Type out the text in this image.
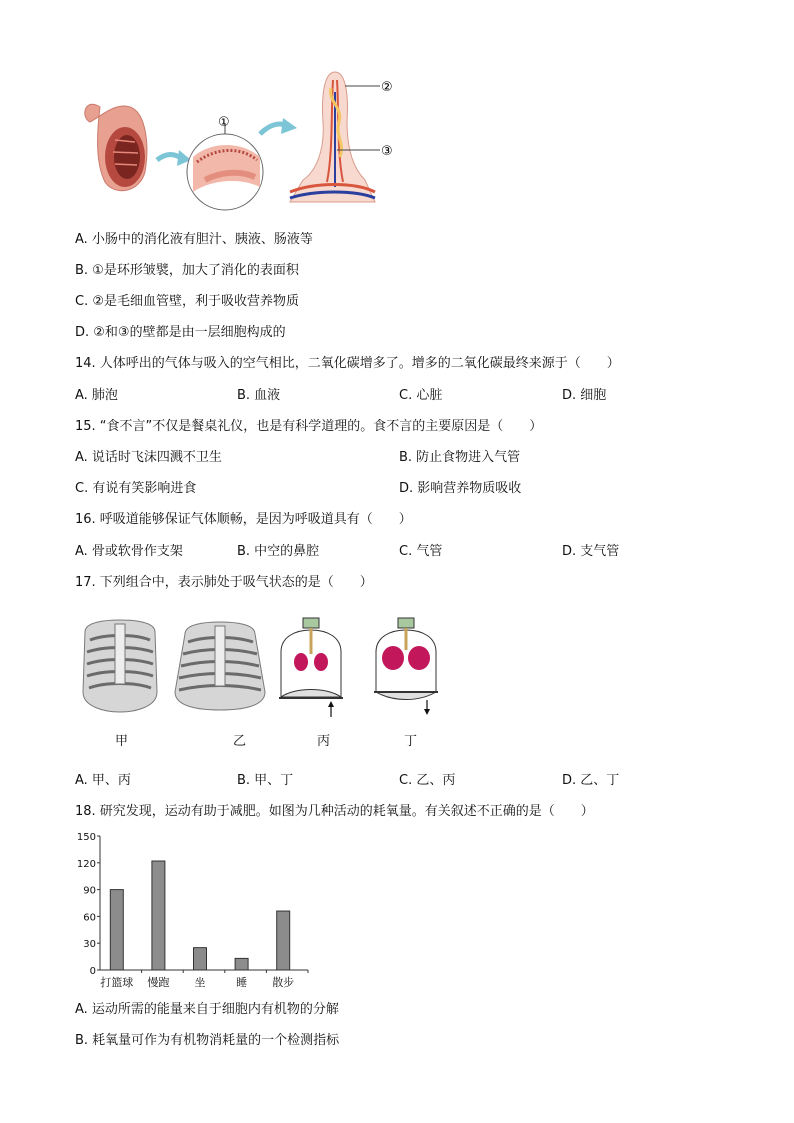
①
②
③
A. 小肠中的消化液有胆汁、胰液、肠液等
B. ①是环形皱襞，加大了消化的表面积
C. ②是毛细血管壁，利于吸收营养物质
D. ②和③的壁都是由一层细胞构成的
14. 人体呼出的气体与吸入的空气相比，二氧化碳增多了。增多的二氧化碳最终来源于（　　）
A. 肺泡	B. 血液	C. 心脏	D. 细胞
15. “食不言”不仅是餐桌礼仪，也是有科学道理的。食不言的主要原因是（　　）
A. 说话时飞沫四溅不卫生	B. 防止食物进入气管
C. 有说有笑影响进食	D. 影响营养物质吸收
16. 呼吸道能够保证气体顺畅，是因为呼吸道具有（　　）
A. 骨或软骨作支架	B. 中空的鼻腔	C. 气管	D. 支气管
17. 下列组合中，表示肺处于吸气状态的是（　　）
甲	乙	丙	丁
A. 甲、丙	B. 甲、丁	C. 乙、丙	D. 乙、丁
18. 研究发现，运动有助于减肥。如图为几种活动的耗氧量。有关叙述不正确的是（　　）
0
30
60
90
120
150
打篮球 慢跑 坐	睡 散步
A. 运动所需的能量来自于细胞内有机物的分解
B. 耗氧量可作为有机物消耗量的一个检测指标
